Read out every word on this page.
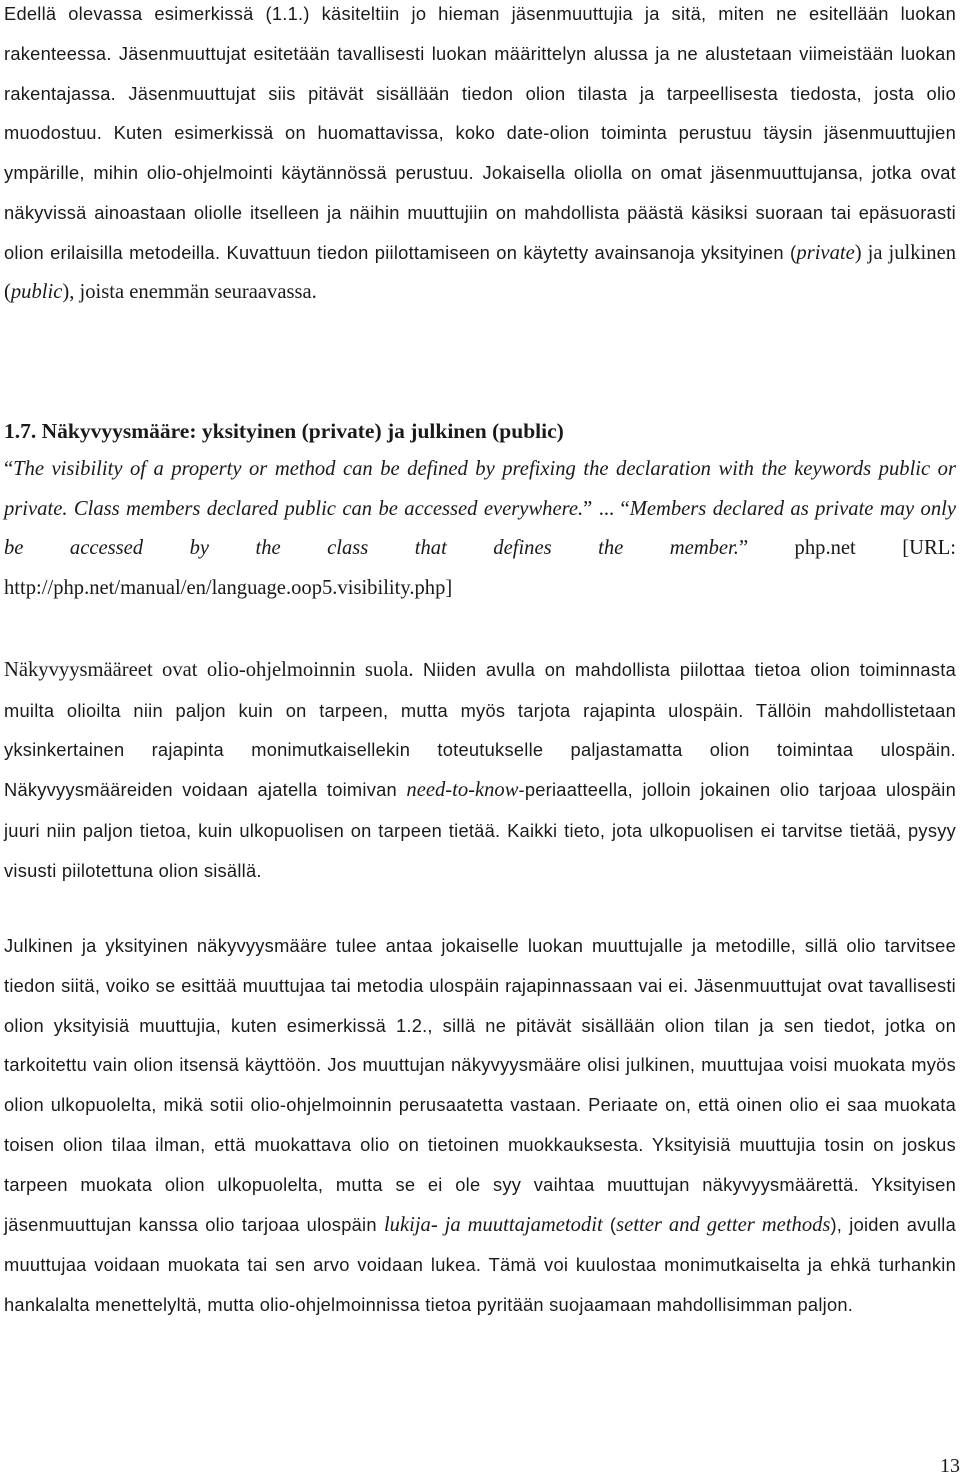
Edellä olevassa esimerkissä (1.1.) käsiteltiin jo hieman jäsenmuuttujia ja sitä, miten ne esitellään luokan rakenteessa. Jäsenmuuttujat esitetään tavallisesti luokan määrittelyn alussa ja ne alustetaan viimeistään luokan rakentajassa. Jäsenmuuttujat siis pitävät sisällään tiedon olion tilasta ja tarpeellisesta tiedosta, josta olio muodostuu. Kuten esimerkissä on huomattavissa, koko date-olion toiminta perustuu täysin jäsenmuuttujien ympärille, mihin olio-ohjelmointi käytännössä perustuu. Jokaisella oliolla on omat jäsenmuuttujansa, jotka ovat näkyvissä ainoastaan oliolle itselleen ja näihin muuttujiin on mahdollista päästä käsiksi suoraan tai epäsuorasti olion erilaisilla metodeilla. Kuvattuun tiedon piilottamiseen on käytetty avainsanoja yksityinen (private) ja julkinen (public), joista enemmän seuraavassa.

1.7. Näkyvyysmääre: yksityinen (private) ja julkinen (public)

“The visibility of a property or method can be defined by prefixing the declaration with the keywords public or private. Class members declared public can be accessed everywhere.” ... “Members declared as private may only be accessed by the class that defines the member.” php.net [URL: http://php.net/manual/en/language.oop5.visibility.php]

Näkyvyysmääreet ovat olio-ohjelmoinnin suola. Niiden avulla on mahdollista piilottaa tietoa olion toiminnasta muilta olioilta niin paljon kuin on tarpeen, mutta myös tarjota rajapinta ulospäin. Tällöin mahdollistetaan yksinkertainen rajapinta monimutkaisellekin toteutukselle paljastamatta olion toimintaa ulospäin. Näkyvyysmääreiden voidaan ajatella toimivan need-to-know-periaatteella, jolloin jokainen olio tarjoaa ulospäin juuri niin paljon tietoa, kuin ulkopuolisen on tarpeen tietää. Kaikki tieto, jota ulkopuolisen ei tarvitse tietää, pysyy visusti piilotettuna olion sisällä.

Julkinen ja yksityinen näkyvyysmääre tulee antaa jokaiselle luokan muuttujalle ja metodille, sillä olio tarvitsee tiedon siitä, voiko se esittää muuttujaa tai metodia ulospäin rajapinnassaan vai ei. Jäsenmuuttujat ovat tavallisesti olion yksityisiä muuttujia, kuten esimerkissä 1.2., sillä ne pitävät sisällään olion tilan ja sen tiedot, jotka on tarkoitettu vain olion itsensä käyttöön. Jos muuttujan näkyvyysmääre olisi julkinen, muuttujaa voisi muokata myös olion ulkopuolelta, mikä sotii olio-ohjelmoinnin perusaatetta vastaan. Periaate on, että oinen olio ei saa muokata toisen olion tilaa ilman, että muokattava olio on tietoinen muokkauksesta. Yksityisiä muuttujia tosin on joskus tarpeen muokata olion ulkopuolelta, mutta se ei ole syy vaihtaa muuttujan näkyvyysmäärettä. Yksityisen jäsenmuuttujan kanssa olio tarjoaa ulospäin lukija- ja muuttajametodit (setter and getter methods), joiden avulla muuttujaa voidaan muokata tai sen arvo voidaan lukea. Tämä voi kuulostaa monimutkaiselta ja ehkä turhankin hankalalta menettelyltä, mutta olio-ohjelmoinnissa tietoa pyritään suojaamaan mahdollisimman paljon.

13
